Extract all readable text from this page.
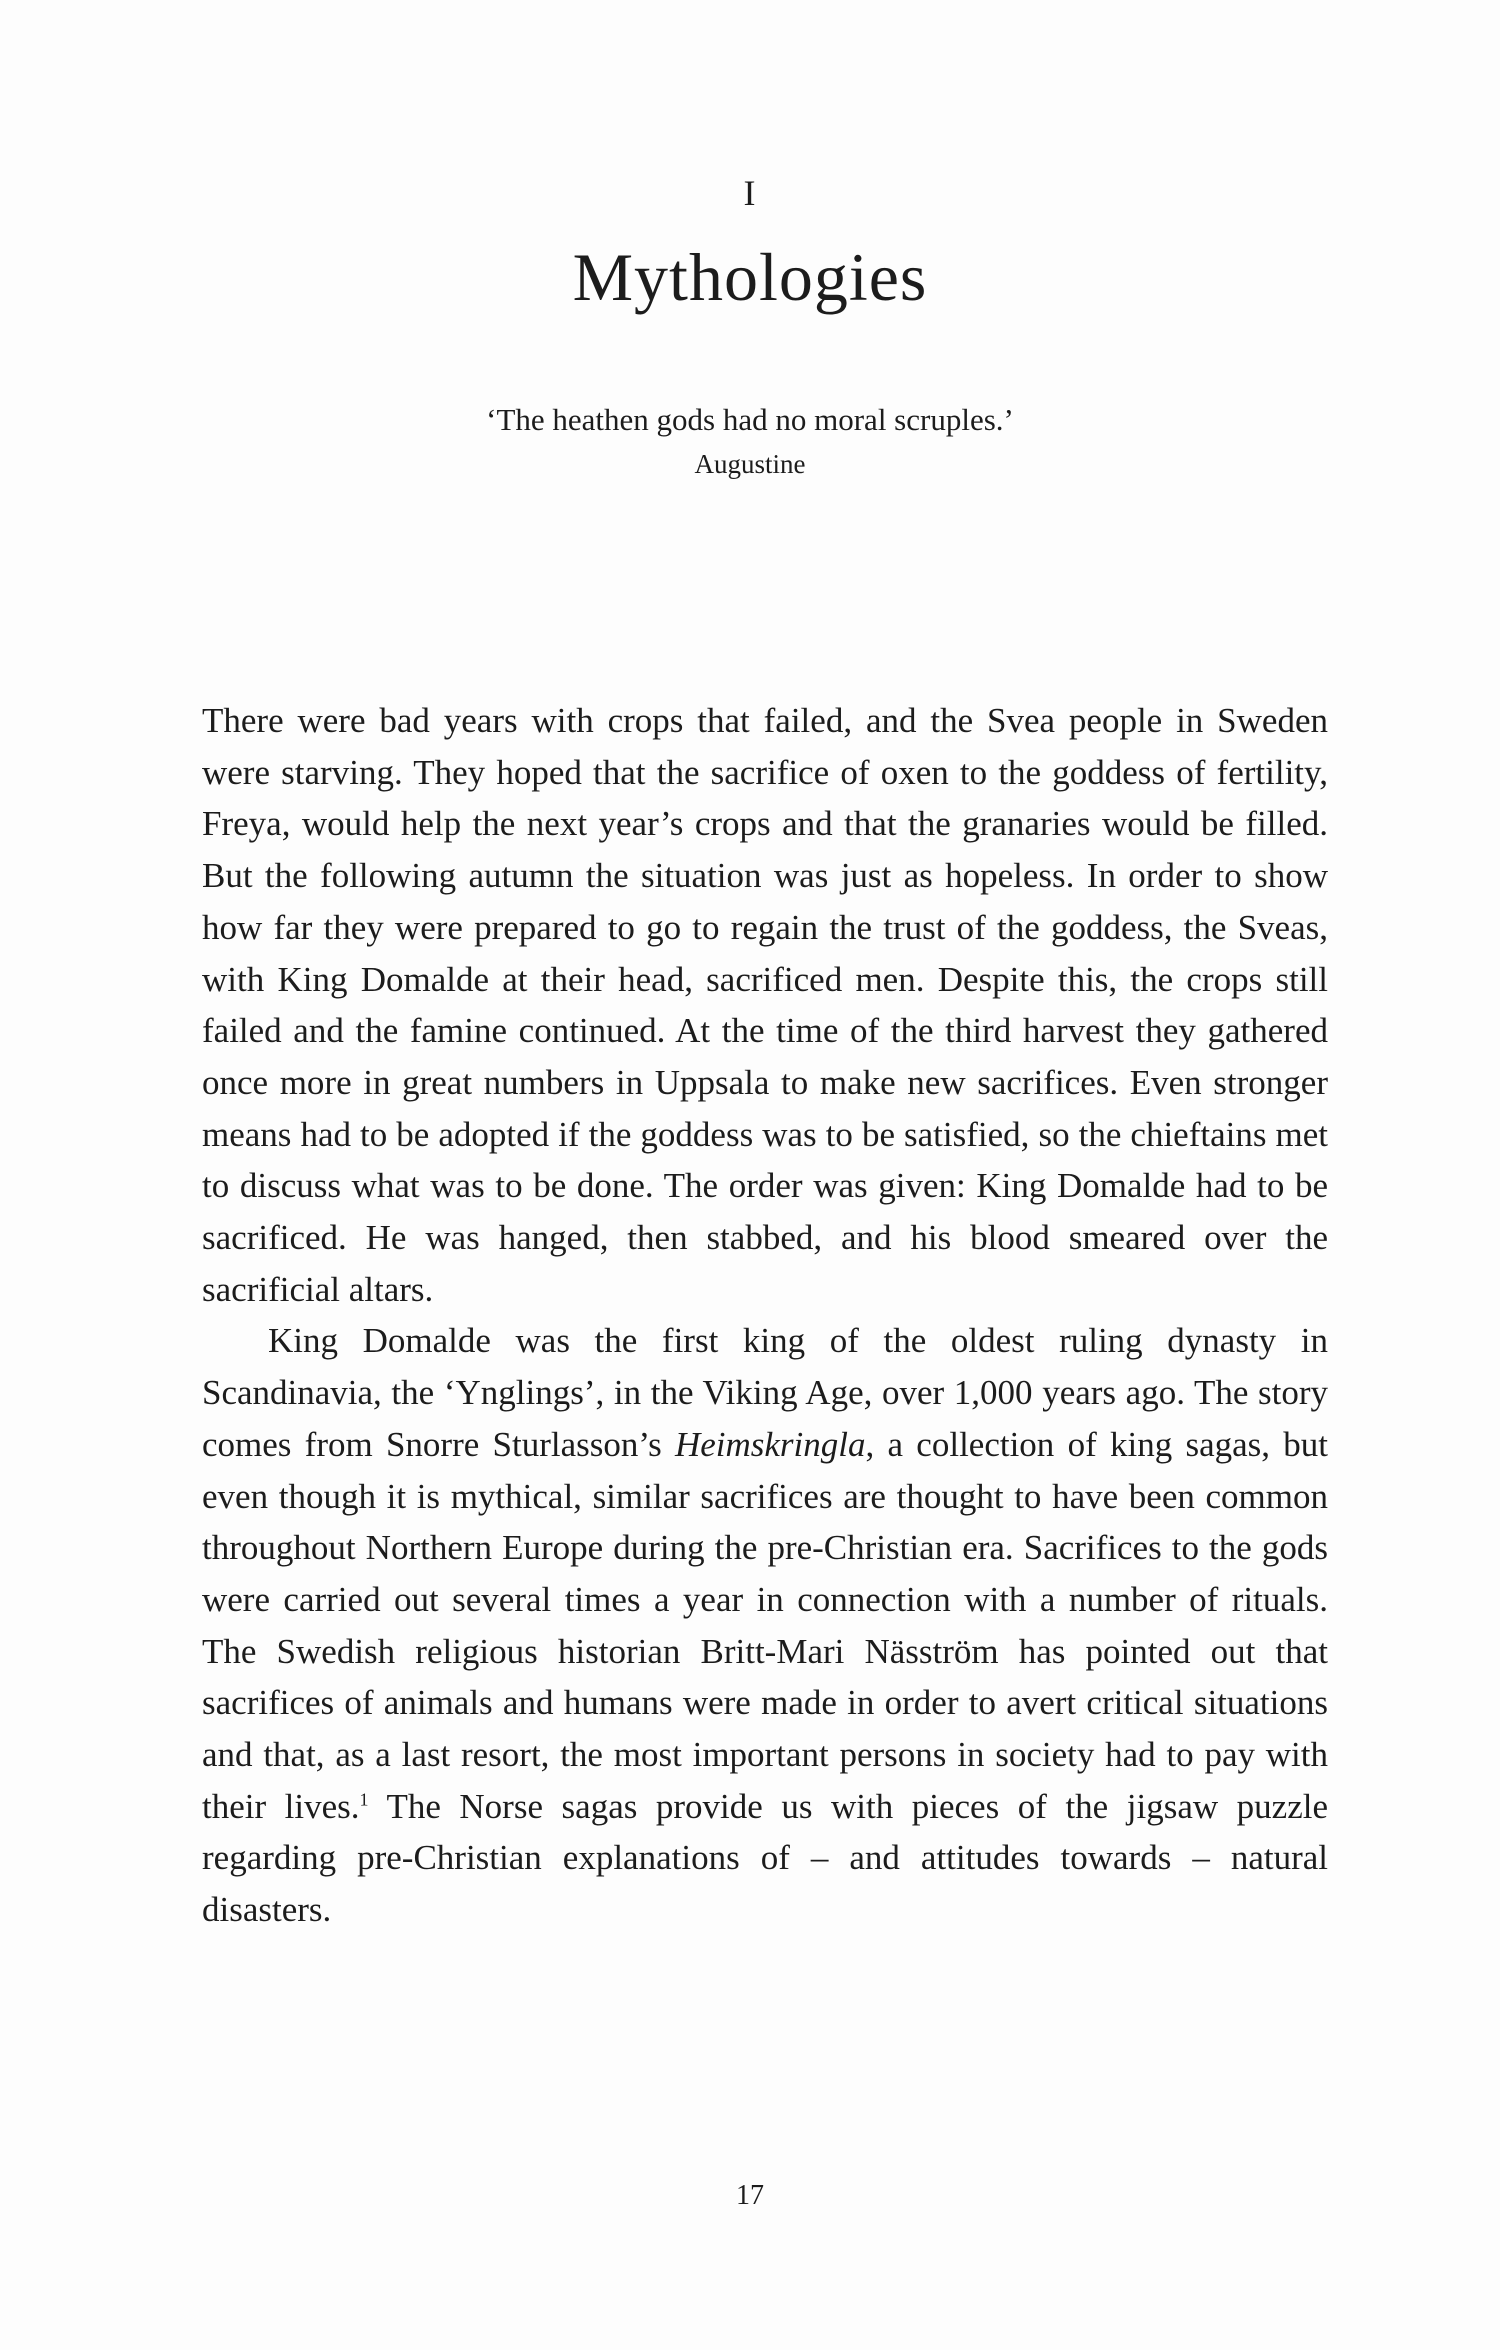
I
Mythologies
‘The heathen gods had no moral scruples.’
Augustine

There were bad years with crops that failed, and the Svea people in Sweden were starving. They hoped that the sacrifice of oxen to the goddess of fertility, Freya, would help the next year’s crops and that the granaries would be filled. But the following autumn the situation was just as hopeless. In order to show how far they were prepared to go to regain the trust of the goddess, the Sveas, with King Domalde at their head, sacrificed men. Despite this, the crops still failed and the famine continued. At the time of the third harvest they gathered once more in great numbers in Uppsala to make new sacrifices. Even stronger means had to be adopted if the goddess was to be satisfied, so the chieftains met to discuss what was to be done. The order was given: King Domalde had to be sacrificed. He was hanged, then stabbed, and his blood smeared over the sacrificial altars.

King Domalde was the first king of the oldest ruling dynasty in Scandinavia, the ‘Ynglings’, in the Viking Age, over 1,000 years ago. The story comes from Snorre Sturlasson’s Heimskringla, a collection of king sagas, but even though it is mythical, similar sacrifices are thought to have been common throughout Northern Europe during the pre-Christian era. Sacrifices to the gods were carried out several times a year in connection with a number of rituals. The Swedish religious historian Britt-Mari Näsström has pointed out that sacrifices of animals and humans were made in order to avert critical situations and that, as a last resort, the most important persons in society had to pay with their lives.$^1$ The Norse sagas provide us with pieces of the jigsaw puzzle regarding pre-Christian explanations of – and attitudes towards – natural disasters.

17
